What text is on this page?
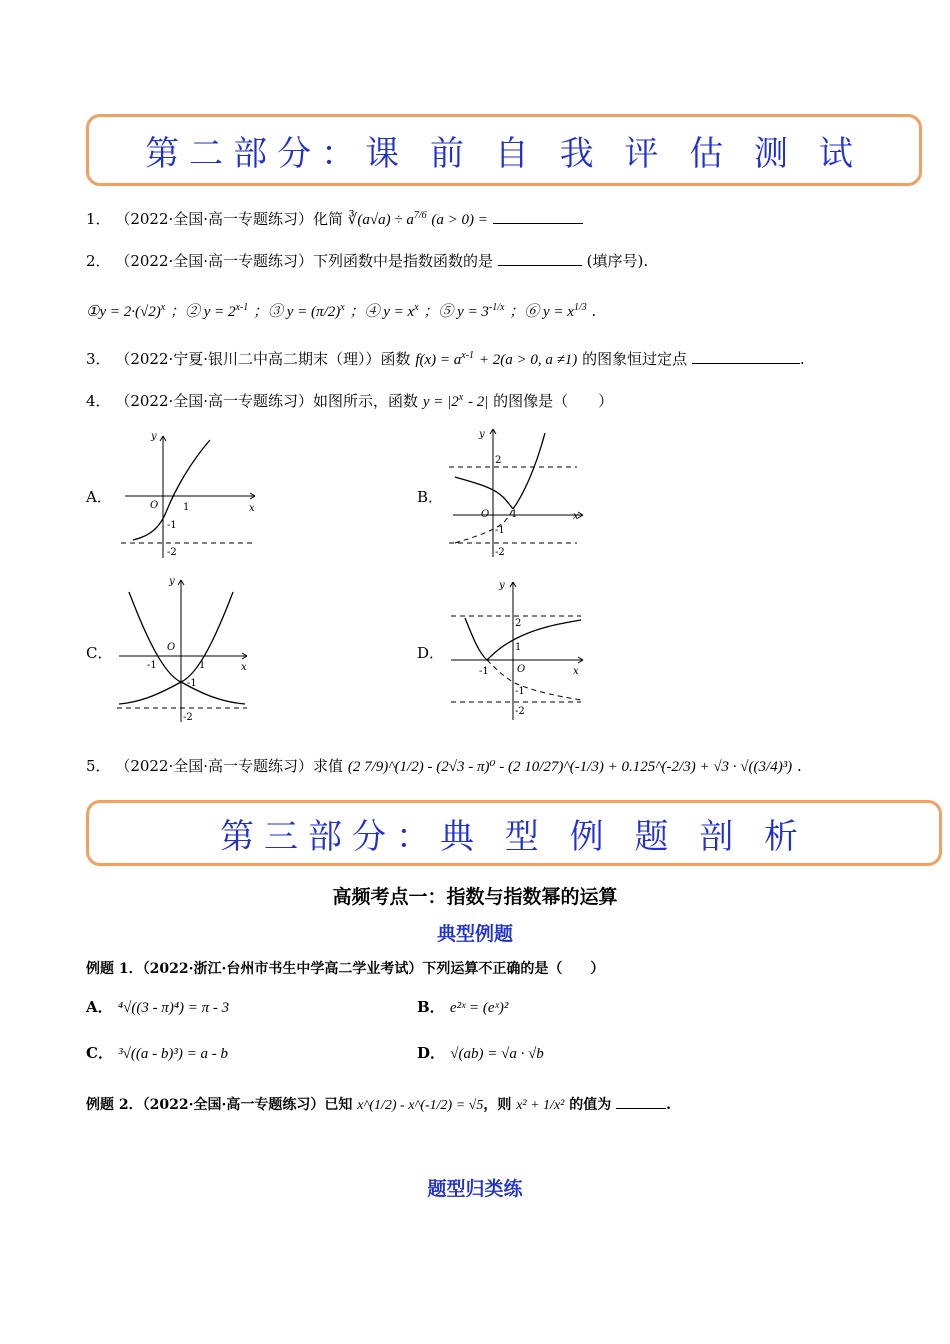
第二部分：课 前 自 我 评 估 测 试
1． （2022·全国·高一专题练习）化简 ∛(a√a) ÷ $a^{7/6}$ (a > 0) =
2． （2022·全国·高一专题练习）下列函数中是指数函数的是	(填序号).
①y = $2\cdot(√2)^x$ ；② $y = 2^{x-1}$ ；③ $y = (\pi/2)^x$ ；④ $y = x^x$ ；⑤ $y = 3^{-1/x}$ ；⑥ $y = x^{1/3}$ .
3． （2022·宁夏·银川二中高二期末（理））函数 $f(x) = a^{x-1} + 2(a > 0$, a ≠1) 的图象恒过定点	.
4． （2022·全国·高一专题练习）如图所示，函数 $y = |2^x - 2|$ 的图像是（　　）
A．	B．
C．	D．
y
x
O 1
-1
-2
y
x
2
O 1
-1
-2
y
x
O
-1	1
-1
-2
y
x
2
1
-1	O
-1
-2
5． （2022·全国·高一专题练习）求值 (2 7/9)^(1/2) - (2√3 - π)⁰ - (2 10/27)^(-1/3) + 0.125^(-2/3) + √3 · √((3/4)³) .
第三部分：典 型 例 题 剖 析
高频考点一：指数与指数幂的运算
典型例题
例题 1．（2022·浙江·台州市书生中学高二学业考试）下列运算不正确的是（　　）
A． ⁴√((3 - π)⁴) = π - 3	B． e²ˣ = (eˣ)²
C． ³√((a - b)³) = a - b	D． √(ab) = √a · √b
例题 2．（2022·全国·高一专题练习）已知 x^(1/2) - x^(-1/2) = √5，则 x² + 1/x² 的值为	.
题型归类练
